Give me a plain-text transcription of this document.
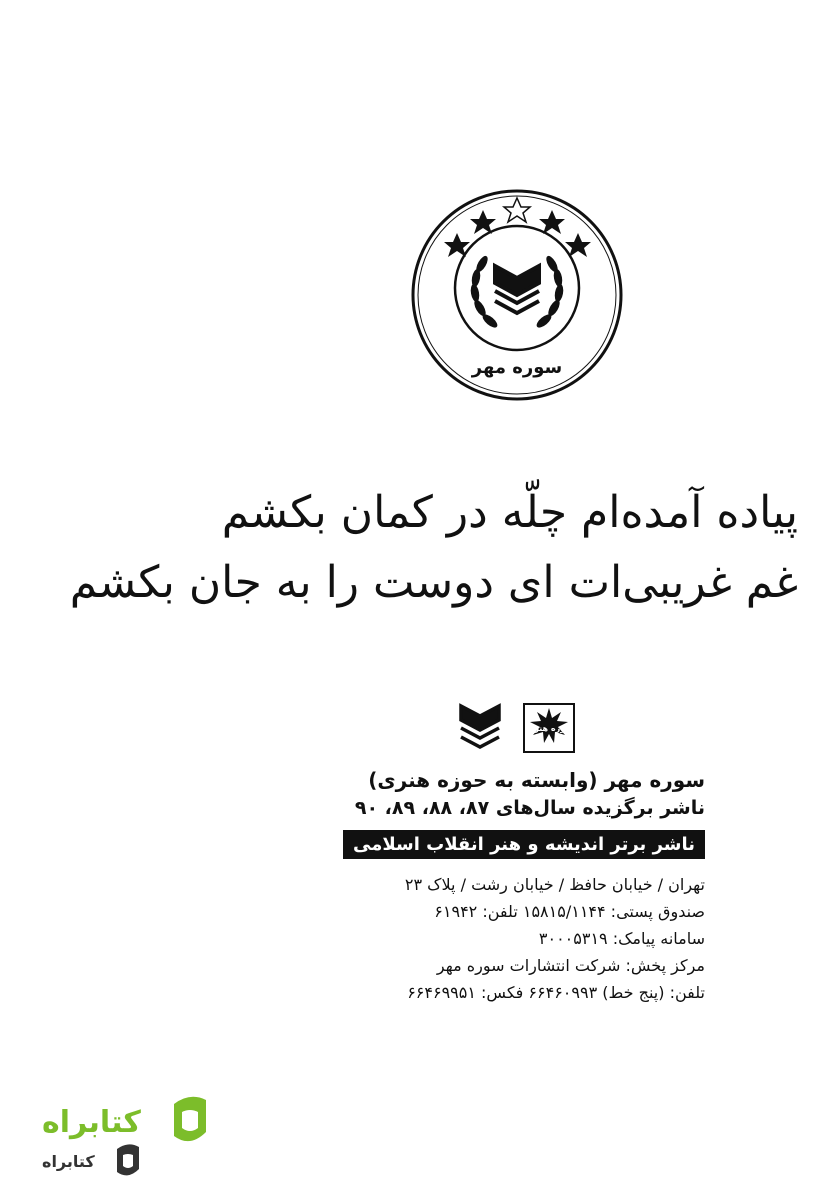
سوره مهر
پیاده آمده‌ام چلّه در کمان بکشم
غم غریبی‌ات ای دوست را به جان بکشم
حوزه هنری
سوره مهر (وابسته به حوزه هنری)
ناشر برگزیده سال‌های ۸۷، ۸۸، ۸۹، ۹۰
ناشر برتر اندیشه و هنر انقلاب اسلامی
تهران / خیابان حافظ / خیابان رشت / پلاک ۲۳
صندوق پستی: ۱۵۸۱۵/۱۱۴۴ تلفن: ۶۱۹۴۲
سامانه پیامک: ۳۰۰۰۵۳۱۹
مرکز پخش: شرکت انتشارات سوره مهر
تلفن: (پنج خط) ۶۶۴۶۰۹۹۳ فکس: ۶۶۴۶۹۹۵۱
کتابراه
کتابراه
